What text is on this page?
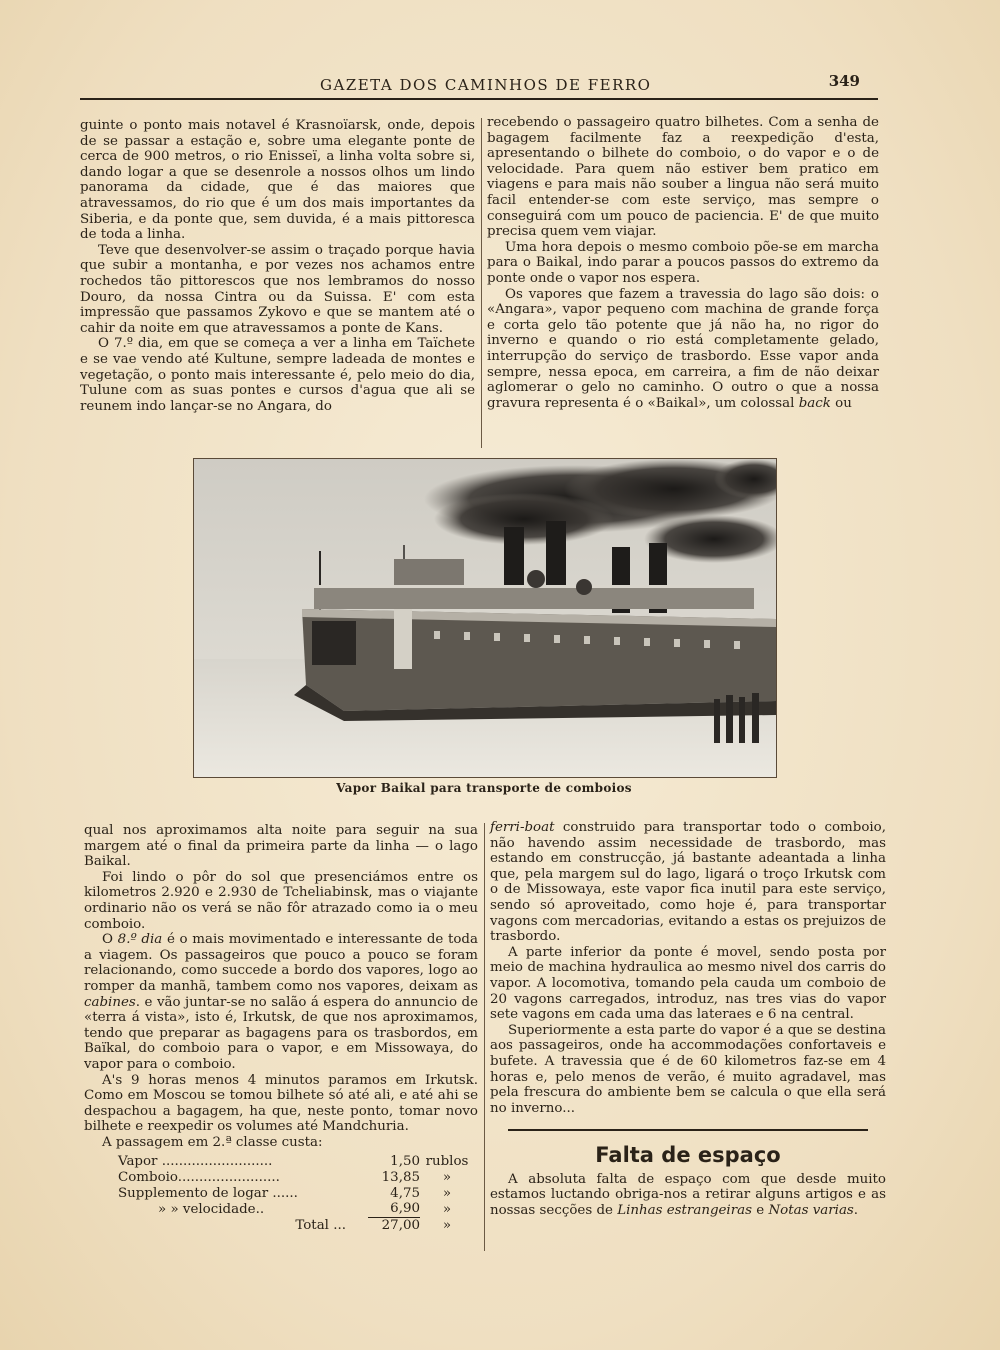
GAZETA DOS CAMINHOS DE FERRO	349

guinte o ponto mais notavel é Krasnoïarsk, onde, depois de se passar a estação e, sobre uma elegante ponte de cerca de 900 metros, o rio Enisseï, a linha volta sobre si, dando logar a que se desenrole a nossos olhos um lindo panorama da cidade, que é das maiores que atravessamos, do rio que é um dos mais importantes da Siberia, e da ponte que, sem duvida, é a mais pittoresca de toda a linha.

Teve que desenvolver-se assim o traçado porque havia que subir a montanha, e por vezes nos achamos entre rochedos tão pittorescos que nos lembramos do nosso Douro, da nossa Cintra ou da Suissa. E' com esta impressão que passamos Zykovo e que se mantem até o cahir da noite em que atravessamos a ponte de Kans.

O 7.º dia, em que se começa a ver a linha em Taïchete e se vae vendo até Kultune, sempre ladeada de montes e vegetação, o ponto mais interessante é, pelo meio do dia, Tulune com as suas pontes e cursos d'agua que ali se reunem indo lançar-se no Angara, do

recebendo o passageiro quatro bilhetes. Com a senha de bagagem facilmente faz a reexpedição d'esta, apresentando o bilhete do comboio, o do vapor e o de velocidade. Para quem não estiver bem pratico em viagens e para mais não souber a lingua não será muito facil entender-se com este serviço, mas sempre o conseguirá com um pouco de paciencia. E' de que muito precisa quem vem viajar.

Uma hora depois o mesmo comboio põe-se em marcha para o Baikal, indo parar a poucos passos do extremo da ponte onde o vapor nos espera.

Os vapores que fazem a travessia do lago são dois: o «Angara», vapor pequeno com machina de grande força e corta gelo tão potente que já não ha, no rigor do inverno e quando o rio está completamente gelado, interrupção do serviço de trasbordo. Esse vapor anda sempre, nessa epoca, em carreira, a fim de não deixar aglomerar o gelo no caminho. O outro o que a nossa gravura representa é o «Baikal», um colossal back ou

Vapor Baikal para transporte de comboios

qual nos aproximamos alta noite para seguir na sua margem até o final da primeira parte da linha — o lago Baikal.

Foi lindo o pôr do sol que presenciámos entre os kilometros 2.920 e 2.930 de Tcheliabinsk, mas o viajante ordinario não os verá se não fôr atrazado como ia o meu comboio.

O 8.º dia é o mais movimentado e interessante de toda a viagem. Os passageiros que pouco a pouco se foram relacionando, como succede a bordo dos vapores, logo ao romper da manhã, tambem como nos vapores, deixam as cabines. e vão juntar-se no salão á espera do annuncio de «terra á vista», isto é, Irkutsk, de que nos aproximamos, tendo que preparar as bagagens para os trasbordos, em Baïkal, do comboio para o vapor, e em Missowaya, do vapor para o comboio.

A's 9 horas menos 4 minutos paramos em Irkutsk. Como em Moscou se tomou bilhete só até ali, e até ahi se despachou a bagagem, ha que, neste ponto, tomar novo bilhete e reexpedir os volumes até Mandchuria.

A passagem em 2.ª classe custa:

Vapor ..........................	1,50	rublos
Comboio........................	13,85	»
Supplemento de logar ......	4,75	»
» » velocidade..	6,90	»
Total ...	27,00	»

ferri-boat construido para transportar todo o comboio, não havendo assim necessidade de trasbordo, mas estando em construcção, já bastante adeantada a linha que, pela margem sul do lago, ligará o troço Irkutsk com o de Missowaya, este vapor fica inutil para este serviço, sendo só aproveitado, como hoje é, para transportar vagons com mercadorias, evitando a estas os prejuizos de trasbordo.

A parte inferior da ponte é movel, sendo posta por meio de machina hydraulica ao mesmo nivel dos carris do vapor. A locomotiva, tomando pela cauda um comboio de 20 vagons carregados, introduz, nas tres vias do vapor sete vagons em cada uma das lateraes e 6 na central.

Superiormente a esta parte do vapor é a que se destina aos passageiros, onde ha accommodações confortaveis e bufete. A travessia que é de 60 kilometros faz-se em 4 horas e, pelo menos de verão, é muito agradavel, mas pela frescura do ambiente bem se calcula o que ella será no inverno...

Falta de espaço

A absoluta falta de espaço com que desde muito estamos luctando obriga-nos a retirar alguns artigos e as nossas secções de Linhas estrangeiras e Notas varias.
